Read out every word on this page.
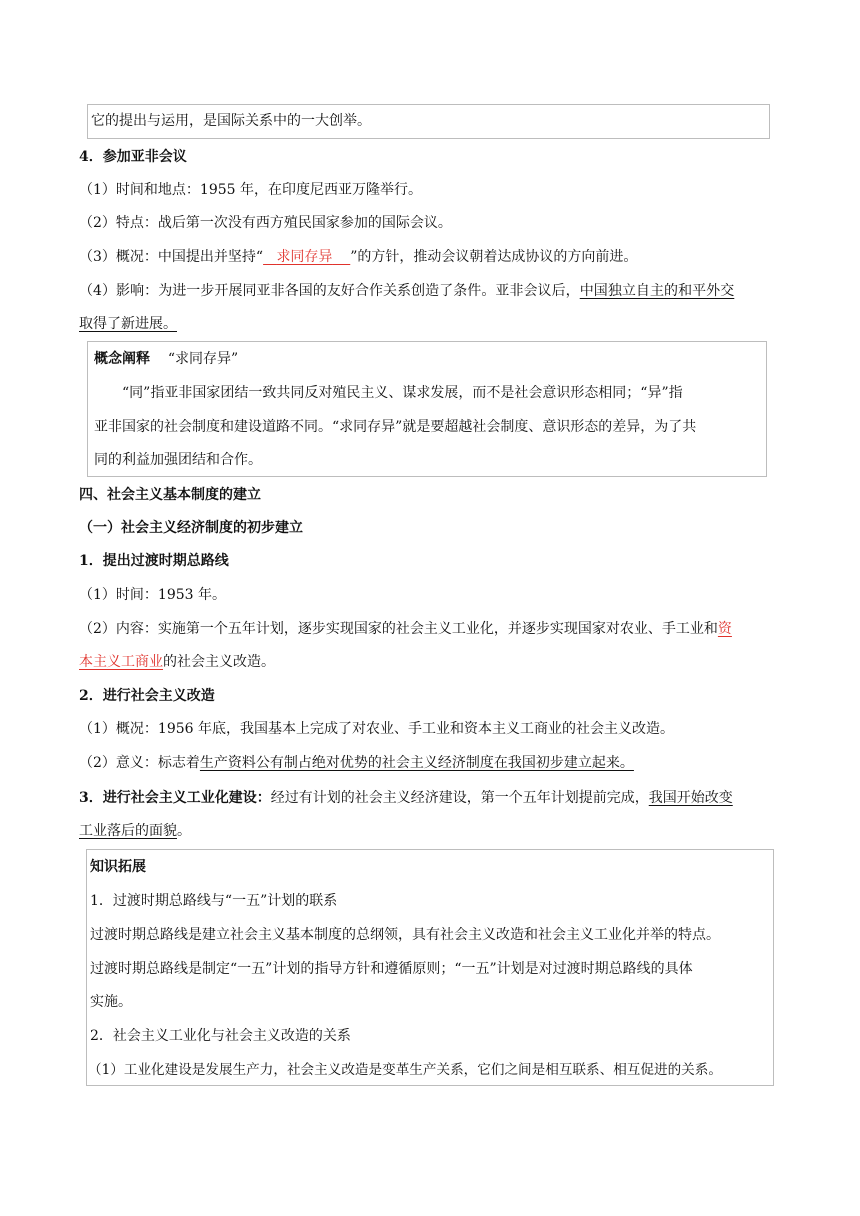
它的提出与运用，是国际关系中的一大创举。
4．参加亚非会议
（1）时间和地点：1955 年，在印度尼西亚万隆举行。
（2）特点：战后第一次没有西方殖民国家参加的国际会议。
（3）概况：中国提出并坚持“ 求同存异 ”的方针，推动会议朝着达成协议的方向前进。
（4）影响：为进一步开展同亚非各国的友好合作关系创造了条件。亚非会议后，中国独立自主的和平外交
取得了新进展。
概念阐释 “求同存异”
“同”指亚非国家团结一致共同反对殖民主义、谋求发展，而不是社会意识形态相同；“异”指
亚非国家的社会制度和建设道路不同。“求同存异”就是要超越社会制度、意识形态的差异，为了共
同的利益加强团结和合作。
四、社会主义基本制度的建立
（一）社会主义经济制度的初步建立
1．提出过渡时期总路线
（1）时间：1953 年。
（2）内容：实施第一个五年计划，逐步实现国家的社会主义工业化，并逐步实现国家对农业、手工业和资
本主义工商业的社会主义改造。
2．进行社会主义改造
（1）概况：1956 年底，我国基本上完成了对农业、手工业和资本主义工商业的社会主义改造。
（2）意义：标志着生产资料公有制占绝对优势的社会主义经济制度在我国初步建立起来。
3．进行社会主义工业化建设：经过有计划的社会主义经济建设，第一个五年计划提前完成，我国开始改变
工业落后的面貌。
知识拓展
1．过渡时期总路线与“一五”计划的联系
过渡时期总路线是建立社会主义基本制度的总纲领，具有社会主义改造和社会主义工业化并举的特点。
过渡时期总路线是制定“一五”计划的指导方针和遵循原则；“一五”计划是对过渡时期总路线的具体
实施。
2．社会主义工业化与社会主义改造的关系
（1）工业化建设是发展生产力，社会主义改造是变革生产关系，它们之间是相互联系、相互促进的关系。
